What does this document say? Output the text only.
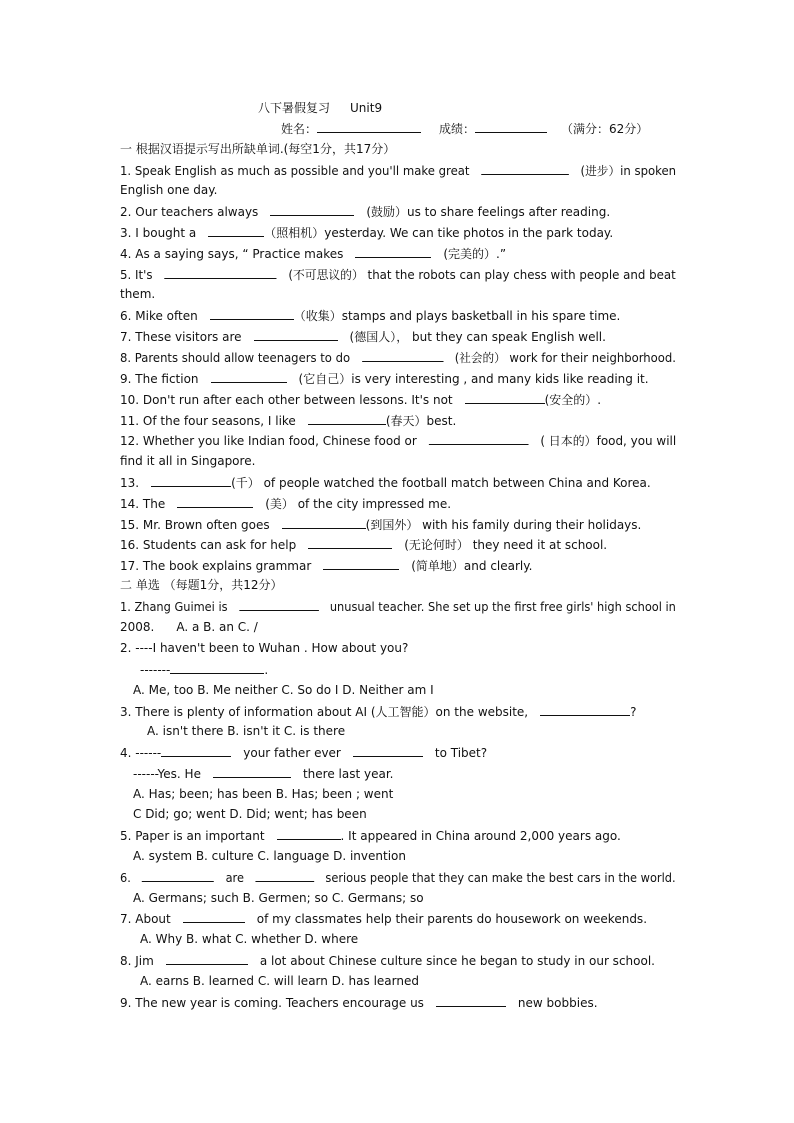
八下暑假复习 Unit9
姓名：	成绩：	（满分：62分）
一 根据汉语提示写出所缺单词.(每空1分，共17分）
1. Speak English as much as possible and you'll make great	(进步）in spoken
English one day.
2. Our teachers always	(鼓励）us to share feelings after reading.
3. I bought a	（照相机）yesterday. We can tike photos in the park today.
4. As a saying says, “ Practice makes	(完美的）.”
5. It's	(不可思议的） that the robots can play chess with people and beat
them.
6. Mike often	（收集）stamps and plays basketball in his spare time.
7. These visitors are	(德国人）， but they can speak English well.
8. Parents should allow teenagers to do	(社会的） work for their neighborhood.
9. The fiction	(它自己）is very interesting , and many kids like reading it.
10. Don't run after each other between lessons. It's not	(安全的）.
11. Of the four seasons, I like	(春天）best.
12. Whether you like Indian food, Chinese food or	( 日本的）food, you will
find it all in Singapore.
13.	(千） of people watched the football match between China and Korea.
14. The	(美） of the city impressed me.
15. Mr. Brown often goes	(到国外） with his family during their holidays.
16. Students can ask for help	(无论何时） they need it at school.
17. The book explains grammar	(简单地）and clearly.
二 单选 （每题1分，共12分）
1. Zhang Guimei is	unusual teacher. She set up the first free girls' high school in
2008. A. a B. an C. /
2. ----I haven't been to Wuhan . How about you?
-------	.
A. Me, too B. Me neither C. So do I D. Neither am I
3. There is plenty of information about AI (人工智能）on the website,	?
A. isn't there B. isn't it C. is there
4. ------	your father ever	to Tibet?
------Yes. He	there last year.
A. Has; been; has been B. Has; been ; went
C Did; go; went D. Did; went; has been
5. Paper is an important	. It appeared in China around 2,000 years ago.
A. system B. culture C. language D. invention
6.	are	serious people that they can make the best cars in the world.
A. Germans; such B. Germen; so C. Germans; so
7. About	of my classmates help their parents do housework on weekends.
A. Why B. what C. whether D. where
8. Jim	a lot about Chinese culture since he began to study in our school.
A. earns B. learned C. will learn D. has learned
9. The new year is coming. Teachers encourage us	new bobbies.
